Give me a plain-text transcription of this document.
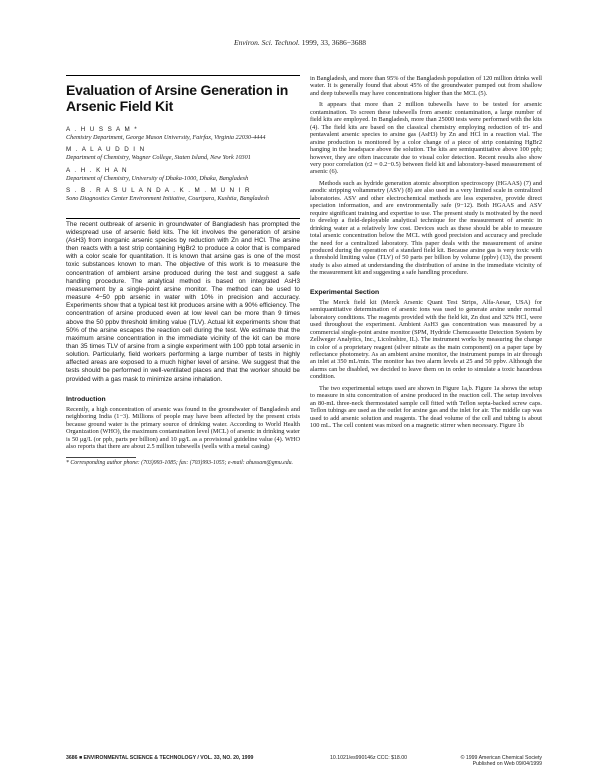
Environ. Sci. Technol. 1999, 33, 3686−3688
Evaluation of Arsine Generation in Arsenic Field Kit
A . H U S S A M *
Chemistry Department, George Mason University, Fairfax, Virginia 22030-4444
M . A L A U D D I N
Department of Chemistry, Wagner College, Staten Island, New York 10301
A . H . K H A N
Department of Chemistry, University of Dhaka-1000, Dhaka, Bangladesh
S . B . R A S U L A N D A . K . M . M U N I R
Sono Diagnostics Center Environment Initiative, Courtpara, Kushtia, Bangladesh

The recent outbreak of arsenic in groundwater of Bangladesh has prompted the widespread use of arsenic field kits. The kit involves the generation of arsine (AsH3) from inorganic arsenic species by reduction with Zn and HCl. The arsine then reacts with a test strip containing HgBr2 to produce a color that is compared with a color scale for quantitation. It is known that arsine gas is one of the most toxic substances known to man. The objective of this work is to measure the concentration of ambient arsine produced during the test and suggest a safe handling procedure. The analytical method is based on integrated AsH3 measurement by a single-point arsine monitor. The method can be used to measure 4−50 ppb arsenic in water with 10% in precision and accuracy. Experiments show that a typical test kit produces arsine with a 90% efficiency. The concentration of arsine produced even at low level can be more than 9 times above the 50 ppbv threshold limiting value (TLV). Actual kit experiments show that 50% of the arsine escapes the reaction cell during the test. We estimate that the maximum arsine concentration in the immediate vicinity of the kit can be more than 35 times TLV of arsine from a single experiment with 100 ppb total arsenic in solution. Particularly, field workers performing a large number of tests in highly affected areas are exposed to a much higher level of arsine. We suggest that the tests should be performed in well-ventilated places and that the worker should be provided with a gas mask to minimize arsine inhalation.

Introduction

Recently, a high concentration of arsenic was found in the groundwater of Bangladesh and neighboring India (1−3). Millions of people may have been affected by the present crisis because ground water is the primary source of drinking water. According to World Health Organization (WHO), the maximum contamination level (MCL) of arsenic in drinking water is 50 μg/L (or ppb, parts per billion) and 10 μg/L as a provisional guideline value (4). WHO also reports that there are about 2.5 million tubewells (wells with a metal casing)

* Corresponding author phone: (703)993-1085; fax: (703)993-1055; e-mail: ahussam@gmu.edu.

in Bangladesh, and more than 95% of the Bangladesh population of 120 million drinks well water. It is generally found that about 45% of the groundwater pumped out from shallow and deep tubewells may have concentrations higher than the MCL (5).

It appears that more than 2 million tubewells have to be tested for arsenic contamination. To screen these tubewells from arsenic contamination, a large number of field kits are employed. In Bangladesh, more than 25000 tests were performed with the kits (4). The field kits are based on the classical chemistry employing reduction of tri- and pentavalent arsenic species to arsine gas (AsH3) by Zn and HCl in a reaction vial. The arsine production is monitored by a color change of a piece of strip containing HgBr2 hanging in the headspace above the solution. The kits are semiquantitative above 100 ppb; however, they are often inaccurate due to visual color detection. Recent results also show very poor correlation (r2 = 0.2−0.5) between field kit and laboratory-based measurement of arsenic (6).

Methods such as hydride generation atomic absorption spectroscopy (HGAAS) (7) and anodic stripping voltammetry (ASV) (8) are also used in a very limited scale in centralized laboratories. ASV and other electrochemical methods are less expensive, provide direct speciation information, and are environmentally safe (9−12). Both HGAAS and ASV require significant training and expertise to use. The present study is motivated by the need to develop a field-deployable analytical technique for the measurement of arsenic in drinking water at a relatively low cost. Devices such as these should be able to measure total arsenic concentration below the MCL with good precision and accuracy and preclude the need for a centralized laboratory. This paper deals with the measurement of arsine produced during the operation of a standard field kit. Because arsine gas is very toxic with a threshold limiting value (TLV) of 50 parts per billion by volume (ppbv) (13), the present study is also aimed at understanding the distribution of arsine in the immediate vicinity of the measurement kit and suggesting a safe handling procedure.

Experimental Section

The Merck field kit (Merck Arsenic Quant Test Strips, Alfa-Aesar, USA) for semiquantitative determination of arsenic ions was used to generate arsine under normal laboratory conditions. The reagents provided with the field kit, Zn dust and 32% HCl, were used throughout the experiment. Ambient AsH3 gas concentration was measured by a commercial single-point arsine monitor (SPM, Hydride Chemcassette Detection System by Zellweger Analytics, Inc., Licolnshire, IL). The instrument works by measuring the change in color of a proprietary reagent (silver nitrate as the main component) on a paper tape by reflectance photometry. As an ambient arsine monitor, the instrument pumps in air through an inlet at 350 mL/min. The monitor has two alarm levels at 25 and 50 ppbv. Although the alarms can be disabled, we decided to leave them on in order to simulate a toxic hazardous condition.

The two experimental setups used are shown in Figure 1a,b. Figure 1a shows the setup to measure in situ concentration of arsine produced in the reaction cell. The setup involves an 80-mL three-neck thermostated sample cell fitted with Teflon septa-backed screw caps. Teflon tubings are used as the outlet for arsine gas and the inlet for air. The middle cap was used to add arsenic solution and reagents. The dead volume of the cell and tubing is about 100 mL. The cell content was mixed on a magnetic stirrer when necessary. Figure 1b

3686 ■ ENVIRONMENTAL SCIENCE & TECHNOLOGY / VOL. 33, NO. 20, 1999	10.1021/es990146z CCC: $18.00	© 1999 American Chemical Society
Published on Web 09/04/1999
